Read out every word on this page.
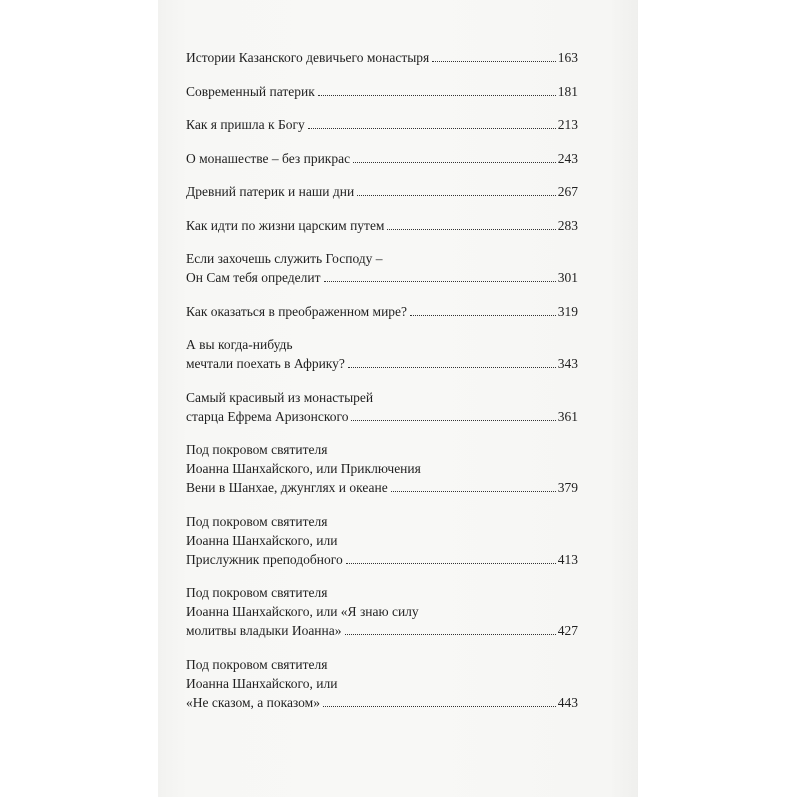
Истории Казанского девичьего монастыря	163
Современный патерик	181
Как я пришла к Богу	213
О монашестве – без прикрас	243
Древний патерик и наши дни	267
Как идти по жизни царским путем	283
Если захочешь служить Господу –
Он Сам тебя определит	301
Как оказаться в преображенном мире?	319
А вы когда-нибудь
мечтали поехать в Африку?	343
Самый красивый из монастырей
старца Ефрема Аризонского	361
Под покровом святителя
Иоанна Шанхайского, или Приключения
Вени в Шанхае, джунглях и океане	379
Под покровом святителя
Иоанна Шанхайского, или
Прислужник преподобного	413
Под покровом святителя
Иоанна Шанхайского, или «Я знаю силу
молитвы владыки Иоанна»	427
Под покровом святителя
Иоанна Шанхайского, или
«Не сказом, а показом»	443
